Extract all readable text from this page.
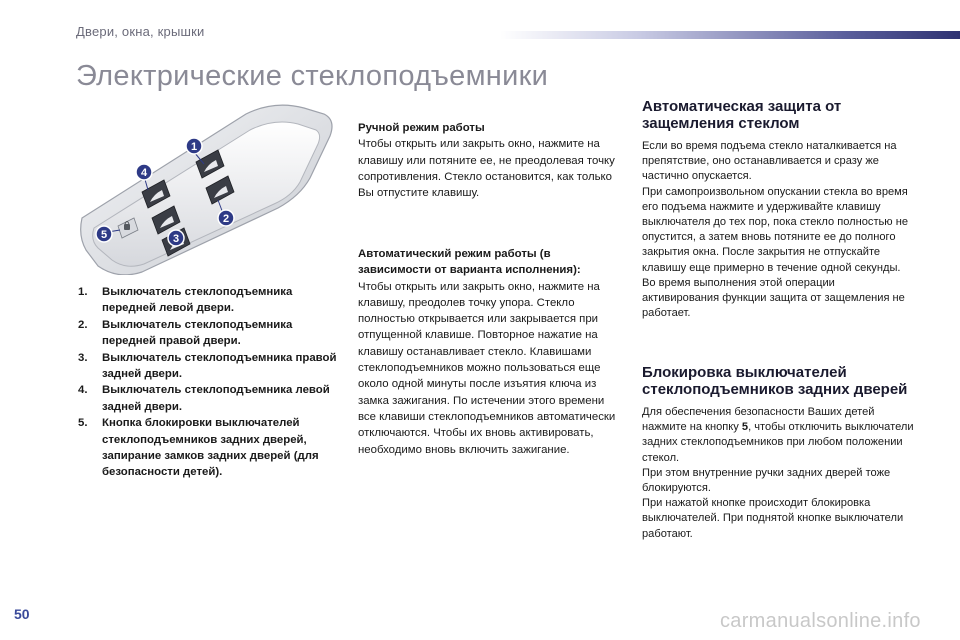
Двери, окна, крышки
Электрические стеклоподъемники
1
2
3
4
5
1.	Выключатель стеклоподъемника передней левой двери.
2.	Выключатель стеклоподъемника передней правой двери.
3.	Выключатель стеклоподъемника правой задней двери.
4.	Выключатель стеклоподъемника левой задней двери.
5.	Кнопка блокировки выключателей стеклоподъемников задних дверей, запирание замков задних дверей (для безопасности детей).
Ручной режим работы
Чтобы открыть или закрыть окно, нажмите на клавишу или потяните ее, не преодолевая точку сопротивления. Стекло остановится, как только Вы отпустите клавишу.
Автоматический режим работы (в зависимости от варианта исполнения):
Чтобы открыть или закрыть окно, нажмите на клавишу, преодолев точку упора. Стекло полностью открывается или закрывается при отпущенной клавише. Повторное нажатие на клавишу останавливает стекло. Клавишами стеклоподъемников можно пользоваться еще около одной минуты после изъятия ключа из замка зажигания. По истечении этого времени все клавиши стеклоподъемников автоматически отключаются. Чтобы их вновь активировать, необходимо вновь включить зажигание.
Автоматическая защита от защемления стеклом

Если во время подъема стекло наталкивается на препятствие, оно останавливается и сразу же частично опускается.
При самопроизвольном опускании стекла во время его подъема нажмите и удерживайте клавишу выключателя до тех пор, пока стекло полностью не опустится, а затем вновь потяните ее до полного закрытия окна. После закрытия не отпускайте клавишу еще примерно в течение одной секунды.
Во время выполнения этой операции активирования функции защита от защемления не работает.

Блокировка выключателей стеклоподъемников задних дверей

Для обеспечения безопасности Ваших детей нажмите на кнопку 5, чтобы отключить выключатели задних стеклоподъемников при любом положении стекол.
При этом внутренние ручки задних дверей тоже блокируются.
При нажатой кнопке происходит блокировка выключателей. При поднятой кнопке выключатели работают.

50	carmanualsonline.info
